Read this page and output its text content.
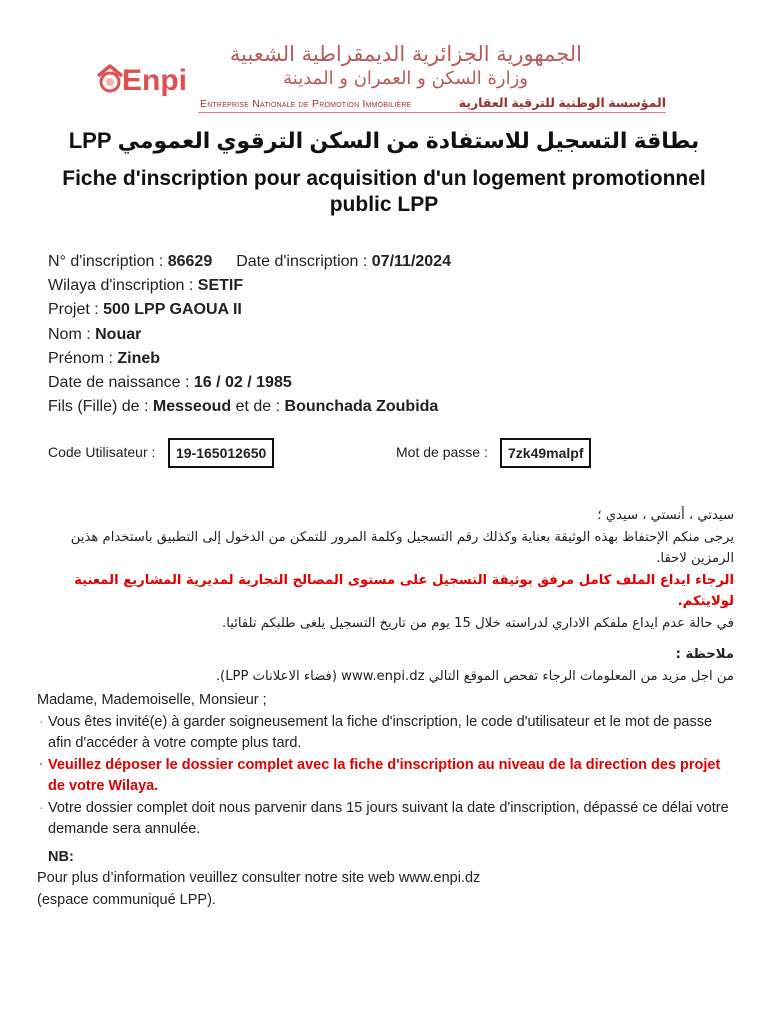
Enpi
الجمهورية الجزائرية الديمقراطية الشعبية
وزارة السكن و العمران و المدينة
Entreprise Nationale de Promotion Immobilière	المؤسسة الوطنية للترقية العقارية
بطاقة التسجيل للاستفادة من السكن الترقوي العمومي LPP
Fiche d'inscription pour acquisition d'un logement promotionnel public LPP
N° d'inscription : 86629 Date d'inscription : 07/11/2024
Wilaya d'inscription : SETIF
Projet : 500 LPP GAOUA II
Nom : Nouar
Prénom : Zineb
Date de naissance : 16 / 02 / 1985
Fils (Fille) de : Messeoud et de : Bounchada Zoubida
Code Utilisateur :	19-165012650	Mot de passe :	7zk49malpf

سيدتي ، أنستي ، سيدي ؛

يرجى منكم الإحتفاظ بهذه الوثيقة بعناية وكذلك رقم التسجيل وكلمة المرور للتمكن من الدخول إلى التطبيق باستخدام هذين الرمزين لاحقا.

الرجاء ايداع الملف كامل مرفق بوثيقة التسجيل على مستوى المصالح التجارية لمديرية المشاريع المعنية لولايتكم.

في حالة عدم ايداع ملفكم الاداري لدراسته خلال 15 يوم من تاريخ التسجيل يلغى طلبكم تلقائيا.

ملاحظة :

من اجل مزيد من المعلومات الرجاء تفحص الموقع التالي www.enpi.dz (فضاء الاعلانات LPP).

Madame, Mademoiselle, Monsieur ;

· Vous êtes invité(e) à garder soigneusement la fiche d'inscription, le code d'utilisateur et le mot de passe afin d'accéder à votre compte plus tard.
· Veuillez déposer le dossier complet avec la fiche d'inscription au niveau de la direction des projet de votre Wilaya.
· Votre dossier complet doit nous parvenir dans 15 jours suivant la date d'inscription, dépassé ce délai votre demande sera annulée.

NB:

Pour plus d’information veuillez consulter notre site web www.enpi.dz

(espace communiqué LPP).
